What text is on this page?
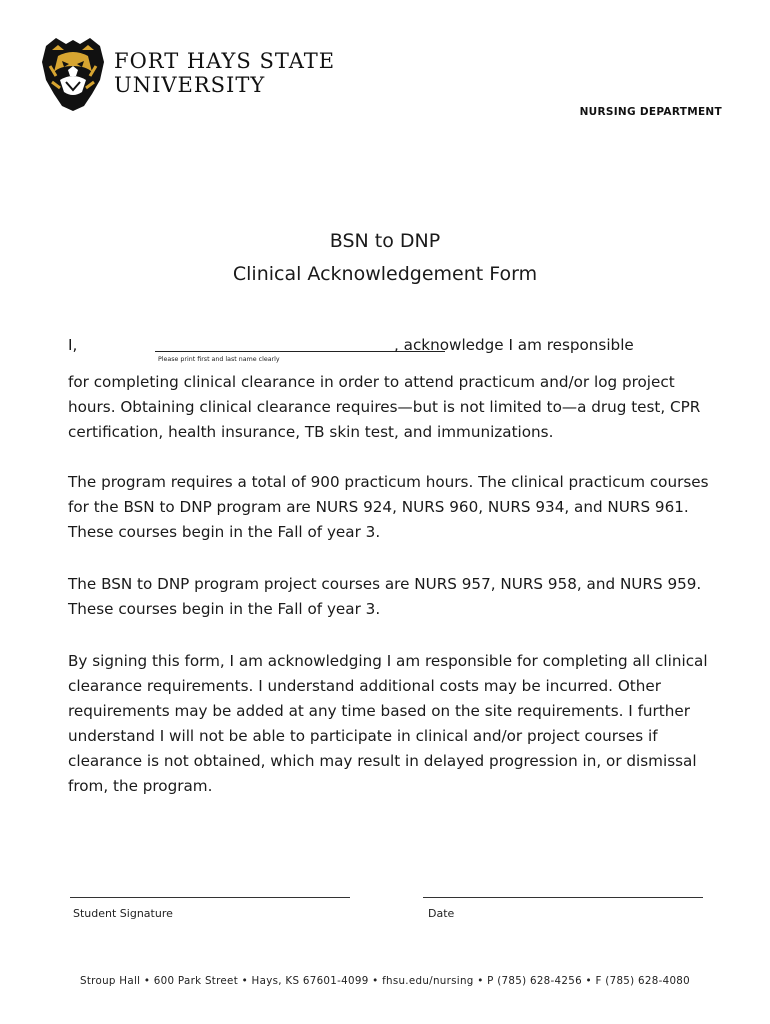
FORT HAYS STATE
UNIVERSITY
NURSING DEPARTMENT
BSN to DNP
Clinical Acknowledgement Form
I,	, acknowledge I am responsible
Please print first and last name clearly

for completing clinical clearance in order to attend practicum and/or log project hours. Obtaining clinical clearance requires—but is not limited to—a drug test, CPR certification, health insurance, TB skin test, and immunizations.

The program requires a total of 900 practicum hours. The clinical practicum courses for the BSN to DNP program are NURS 924, NURS 960, NURS 934, and NURS 961. These courses begin in the Fall of year 3.

The BSN to DNP program project courses are NURS 957, NURS 958, and NURS 959. These courses begin in the Fall of year 3.

By signing this form, I am acknowledging I am responsible for completing all clinical clearance requirements. I understand additional costs may be incurred. Other requirements may be added at any time based on the site requirements. I further understand I will not be able to participate in clinical and/or project courses if clearance is not obtained, which may result in delayed progression in, or dismissal from, the program.

Student Signature	Date
Stroup Hall • 600 Park Street • Hays, KS 67601-4099 • fhsu.edu/nursing • P (785) 628-4256 • F (785) 628-4080
